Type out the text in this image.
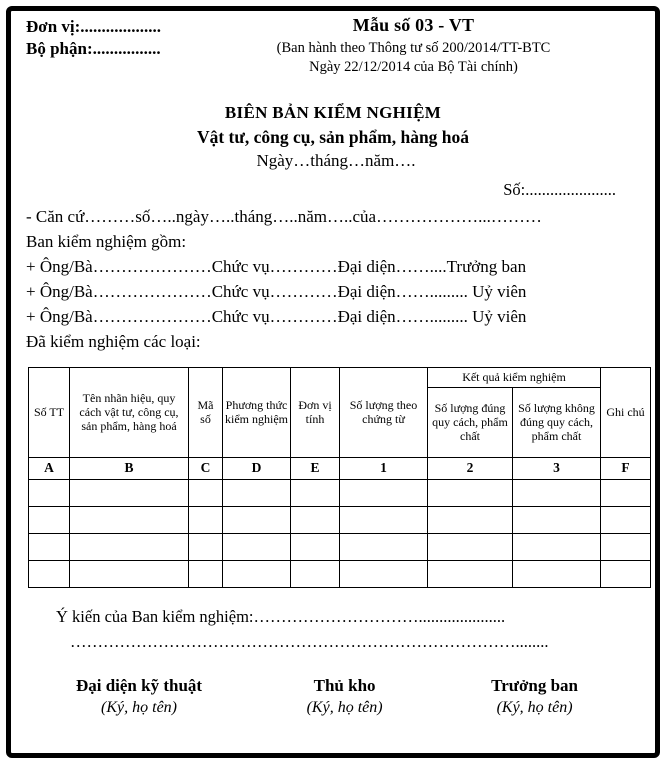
Đơn vị:...................
Bộ phận:................
Mẫu số 03 - VT
(Ban hành theo Thông tư số 200/2014/TT-BTC
Ngày 22/12/2014 của Bộ Tài chính)
BIÊN BẢN KIỂM NGHIỆM
Vật tư, công cụ, sản phẩm, hàng hoá
Ngày…tháng…năm….
Số:......................
- Căn cứ………số…..ngày…..tháng…..năm…..của………………...………
Ban kiểm nghiệm gồm:
+ Ông/Bà…………………Chức vụ…………Đại diện……....Trưởng ban
+ Ông/Bà…………………Chức vụ…………Đại diện……......... Uỷ viên
+ Ông/Bà…………………Chức vụ…………Đại diện……......... Uỷ viên
Đã kiểm nghiệm các loại:
Số TT	Tên nhãn hiệu, quy cách vật tư, công cụ, sản phẩm, hàng hoá	Mã số	Phương thức kiểm nghiệm	Đơn vị tính	Số lượng theo chứng từ	Kết quả kiểm nghiệm		Ghi chú
						Số lượng đúng quy cách, phẩm chất	Số lượng không đúng quy cách, phẩm chất	
A	B	C	D	E	1	2	3	F

Ý kiến của Ban kiểm nghiệm:………………………….....................
………………………………………………………………………........
Đại diện kỹ thuật
(Ký, họ tên)
Thủ kho
(Ký, họ tên)
Trưởng ban
(Ký, họ tên)
